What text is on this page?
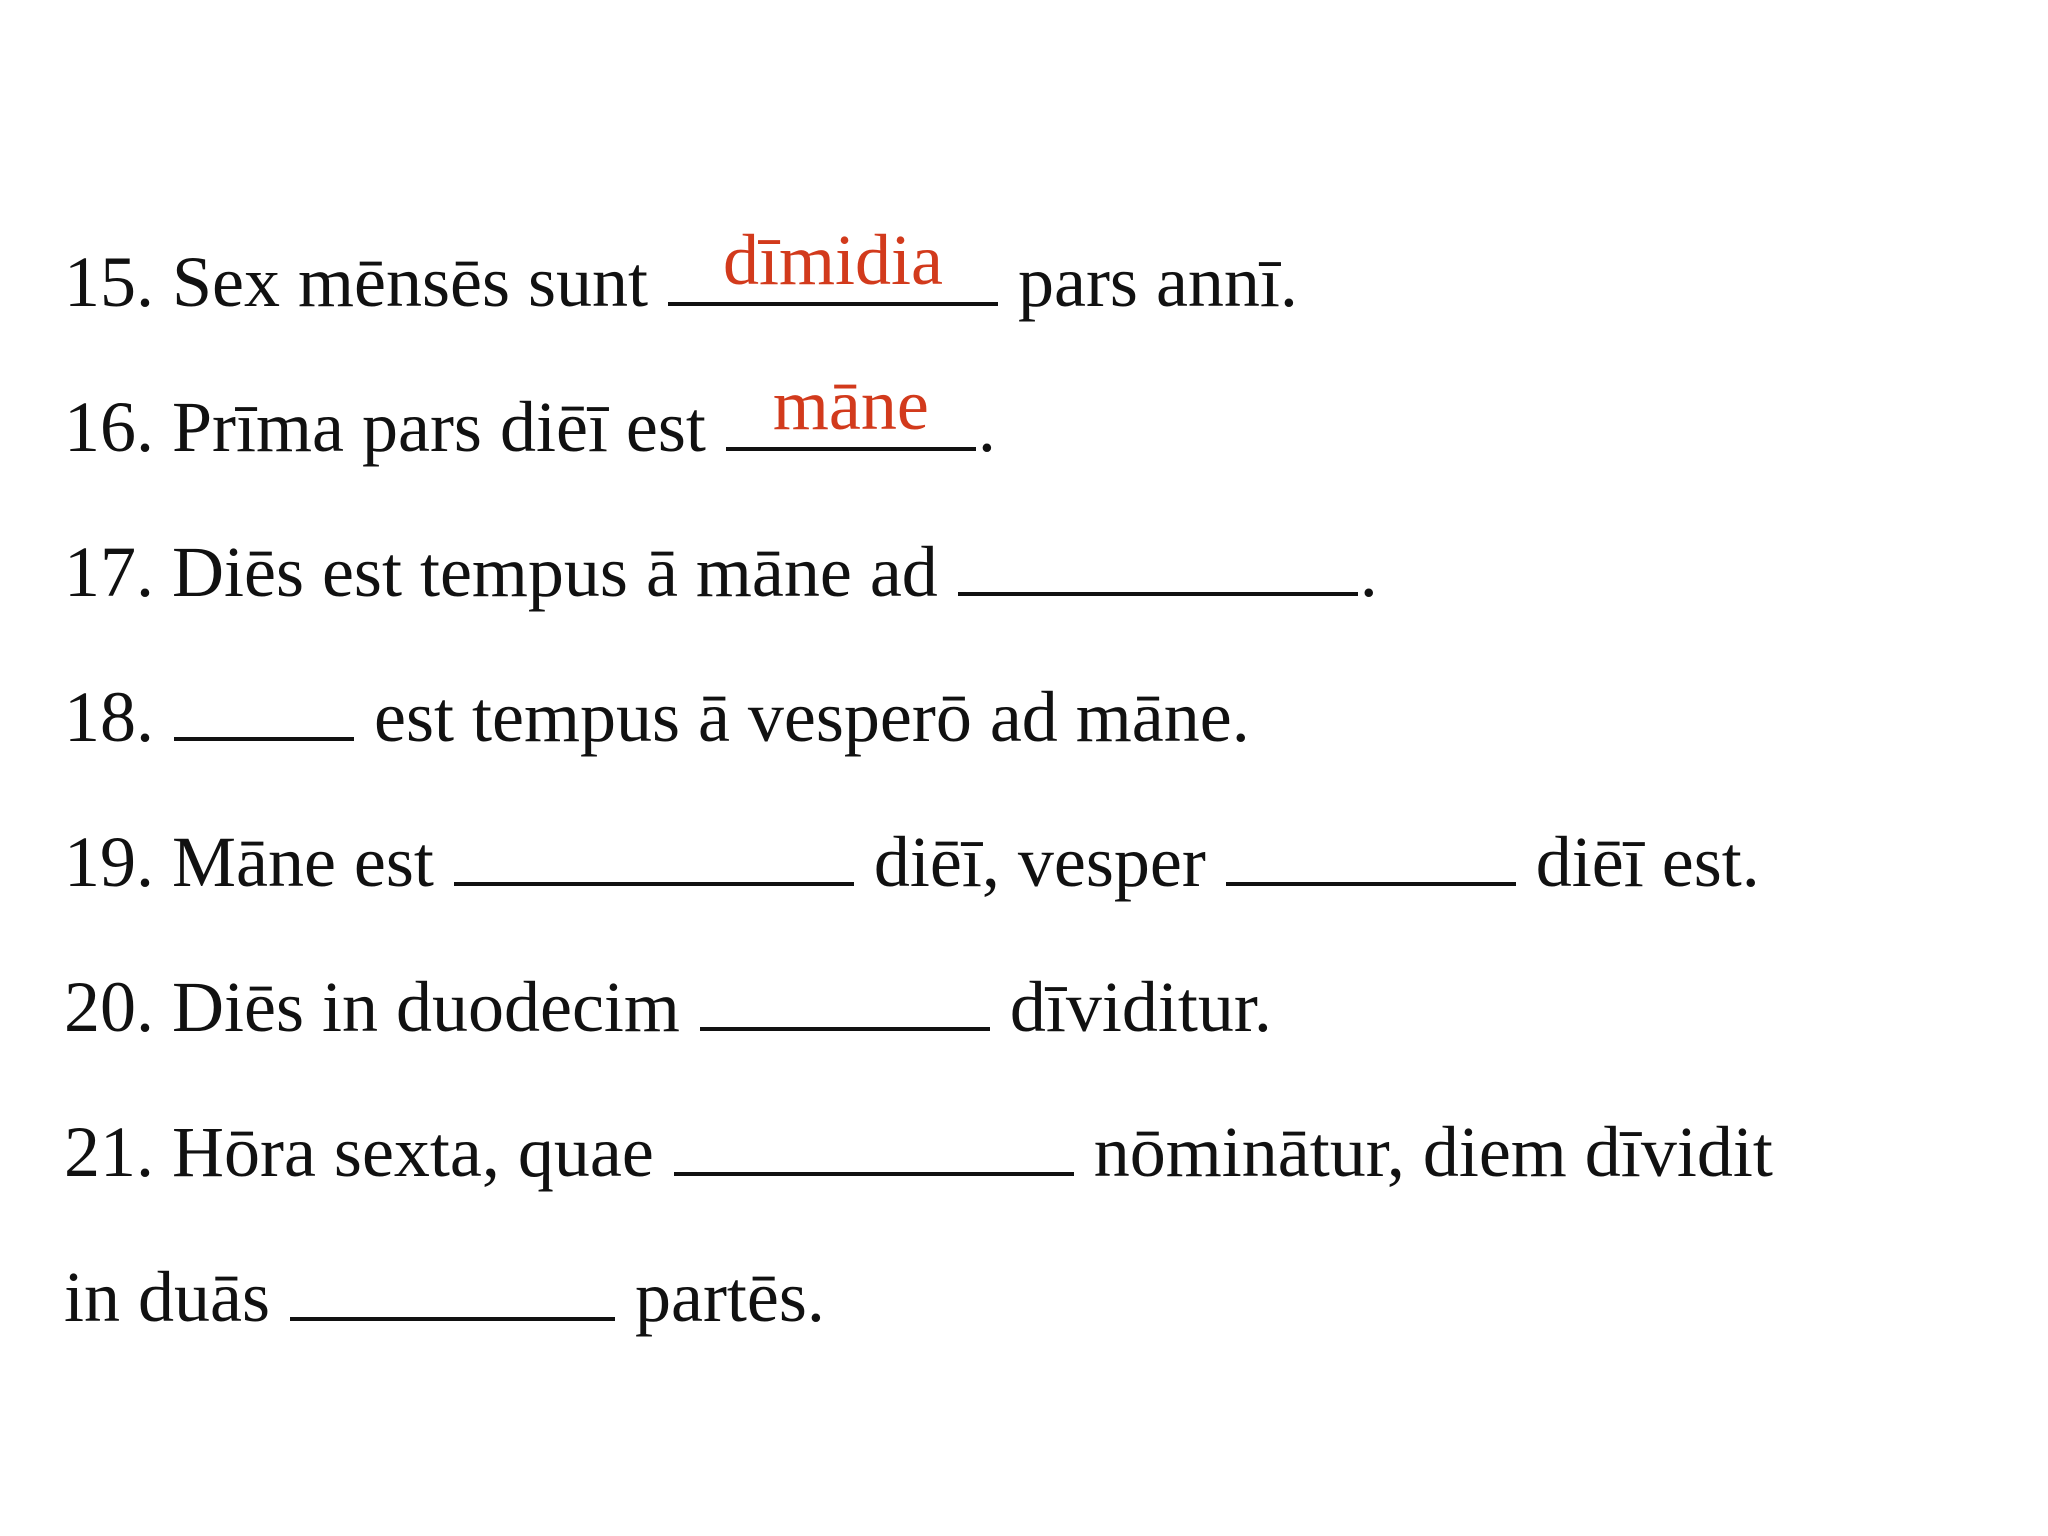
15. Sex mēnsēs sunt dīmidia pars annī.
16. Prīma pars diēī est māne .
17. Diēs est tempus ā māne ad	.
18.	est tempus ā vesperō ad māne.
19. Māne est	diēī, vesper	diēī est.
20. Diēs in duodecim	dīviditur.
21. Hōra sexta, quae	nōminātur, diem dīvidit
in duās	partēs.
